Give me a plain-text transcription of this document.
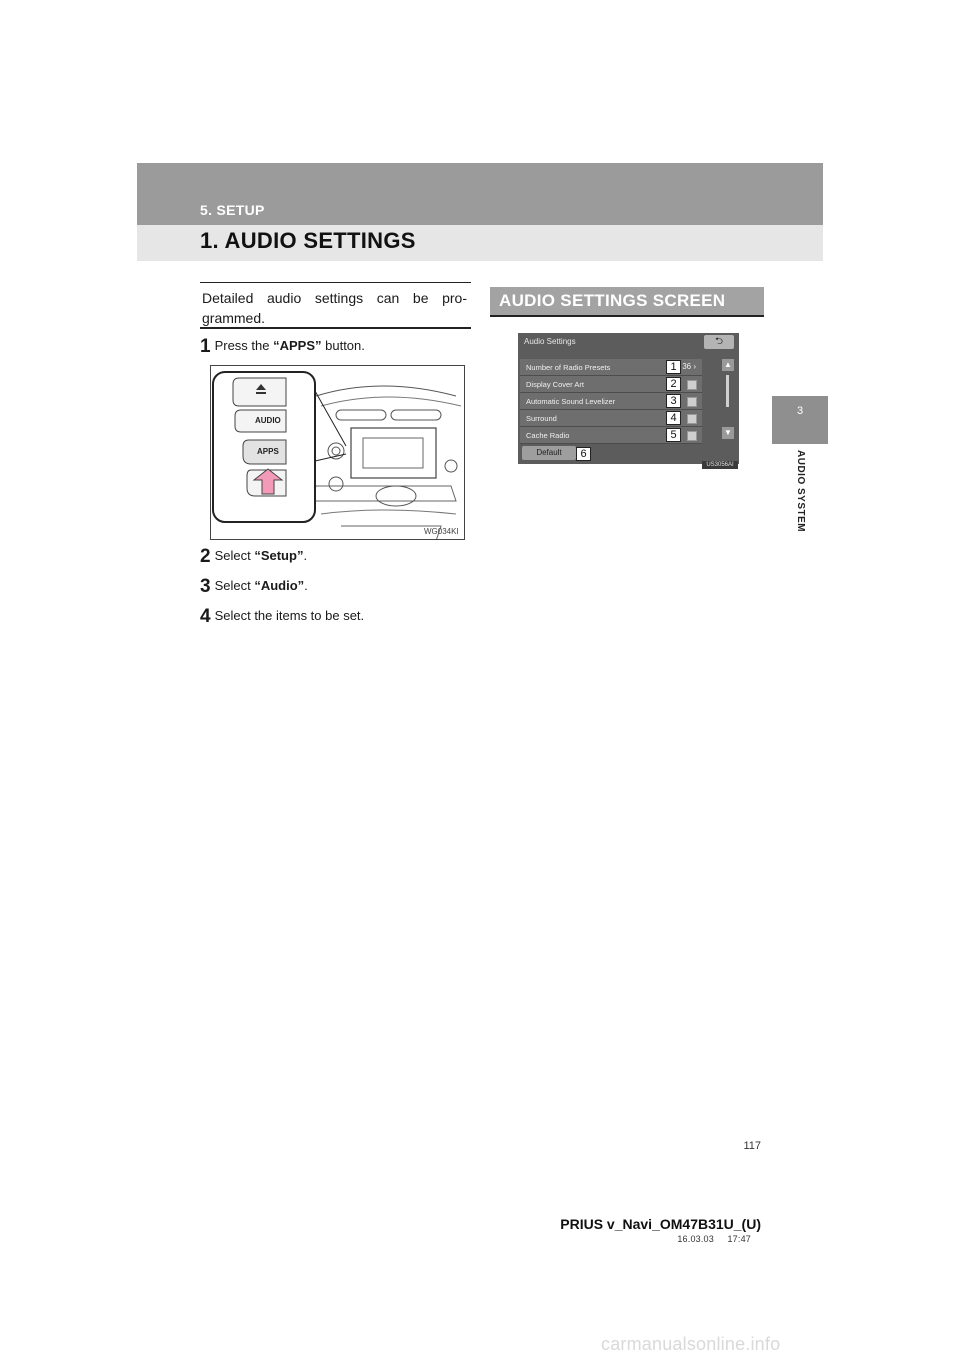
5. SETUP
1. AUDIO SETTINGS
3
AUDIO SYSTEM
Detailed audio settings can be pro-grammed.
1 Press the “APPS” button.
AUDIO
APPS
WG034KI
2 Select “Setup”.
3 Select “Audio”.
4 Select the items to be set.
AUDIO SETTINGS SCREEN
Audio Settings	⮌
Number of Radio Presets	36 ›
Display Cover Art
Automatic Sound Levelizer
Surround
Cache Radio
▲
▼
Default
1
2
3
4
5
6
US3056AI
117
PRIUS v_Navi_OM47B31U_(U)
16.03.03     17:47
carmanualsonline.info
